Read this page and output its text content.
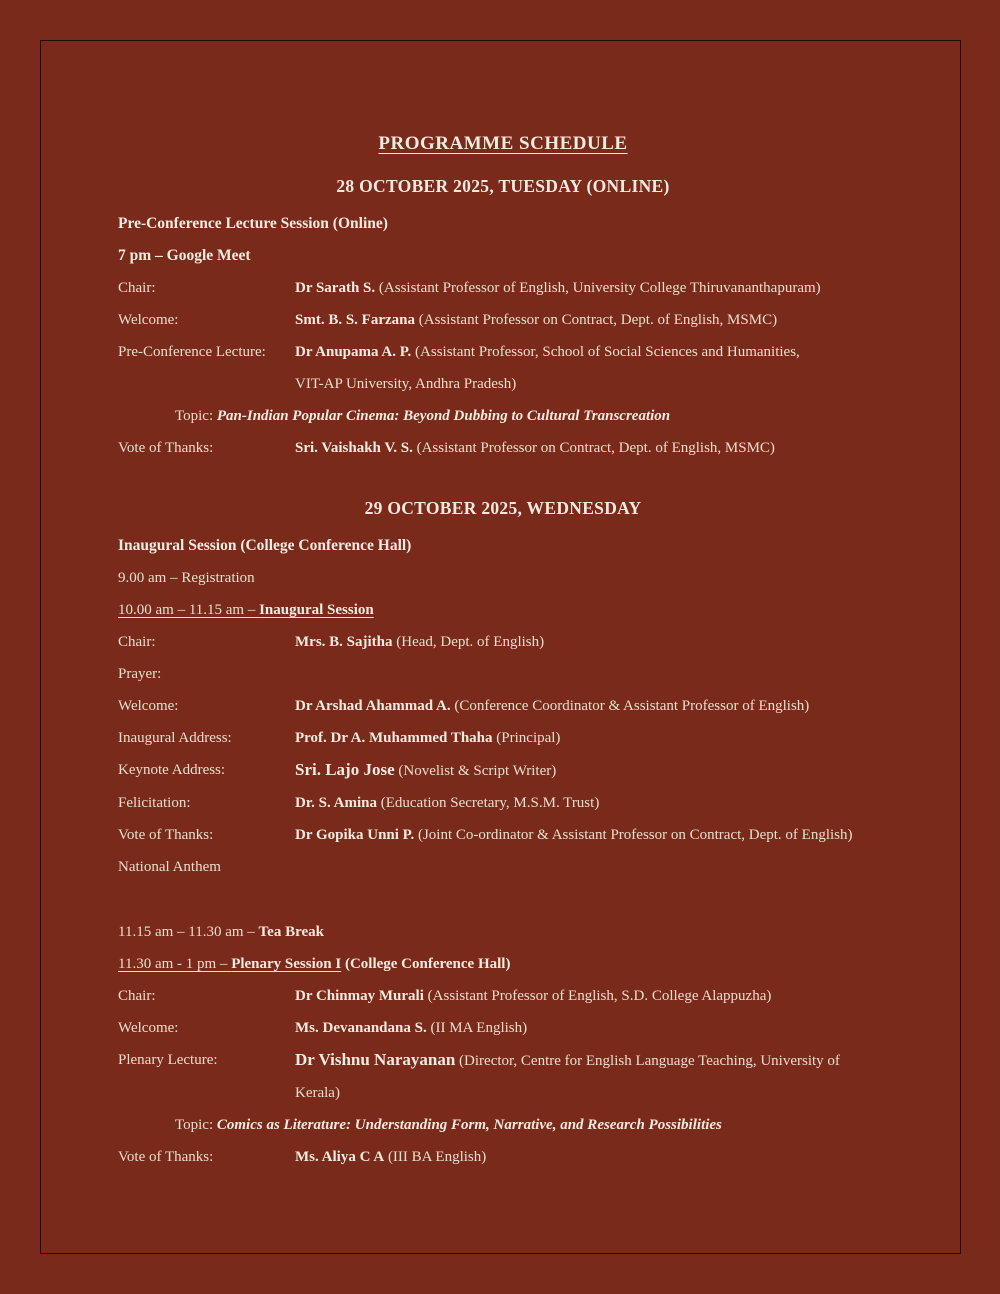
PROGRAMME SCHEDULE
28 OCTOBER 2025, TUESDAY (ONLINE)
Pre-Conference Lecture Session (Online)
7 pm – Google Meet
Chair:	Dr Sarath S. (Assistant Professor of English, University College Thiruvananthapuram)
Welcome:	Smt. B. S. Farzana (Assistant Professor on Contract, Dept. of English, MSMC)
Pre-Conference Lecture:	Dr Anupama A. P. (Assistant Professor, School of Social Sciences and Humanities,
VIT-AP University, Andhra Pradesh)
Topic: Pan-Indian Popular Cinema: Beyond Dubbing to Cultural Transcreation
Vote of Thanks:	Sri. Vaishakh V. S. (Assistant Professor on Contract, Dept. of English, MSMC)
29 OCTOBER 2025, WEDNESDAY
Inaugural Session (College Conference Hall)
9.00 am – Registration
10.00 am – 11.15 am – Inaugural Session
Chair:	Mrs. B. Sajitha (Head, Dept. of English)
Prayer:
Welcome:	Dr Arshad Ahammad A. (Conference Coordinator & Assistant Professor of English)
Inaugural Address:	Prof. Dr A. Muhammed Thaha (Principal)
Keynote Address:	Sri. Lajo Jose (Novelist & Script Writer)
Felicitation:	Dr. S. Amina (Education Secretary, M.S.M. Trust)
Vote of Thanks:	Dr Gopika Unni P. (Joint Co-ordinator & Assistant Professor on Contract, Dept. of English)
National Anthem
11.15 am – 11.30 am – Tea Break
11.30 am - 1 pm – Plenary Session I (College Conference Hall)
Chair:	Dr Chinmay Murali (Assistant Professor of English, S.D. College Alappuzha)
Welcome:	Ms. Devanandana S. (II MA English)
Plenary Lecture:	Dr Vishnu Narayanan (Director, Centre for English Language Teaching, University of
Kerala)
Topic: Comics as Literature: Understanding Form, Narrative, and Research Possibilities
Vote of Thanks:	Ms. Aliya C A (III BA English)
